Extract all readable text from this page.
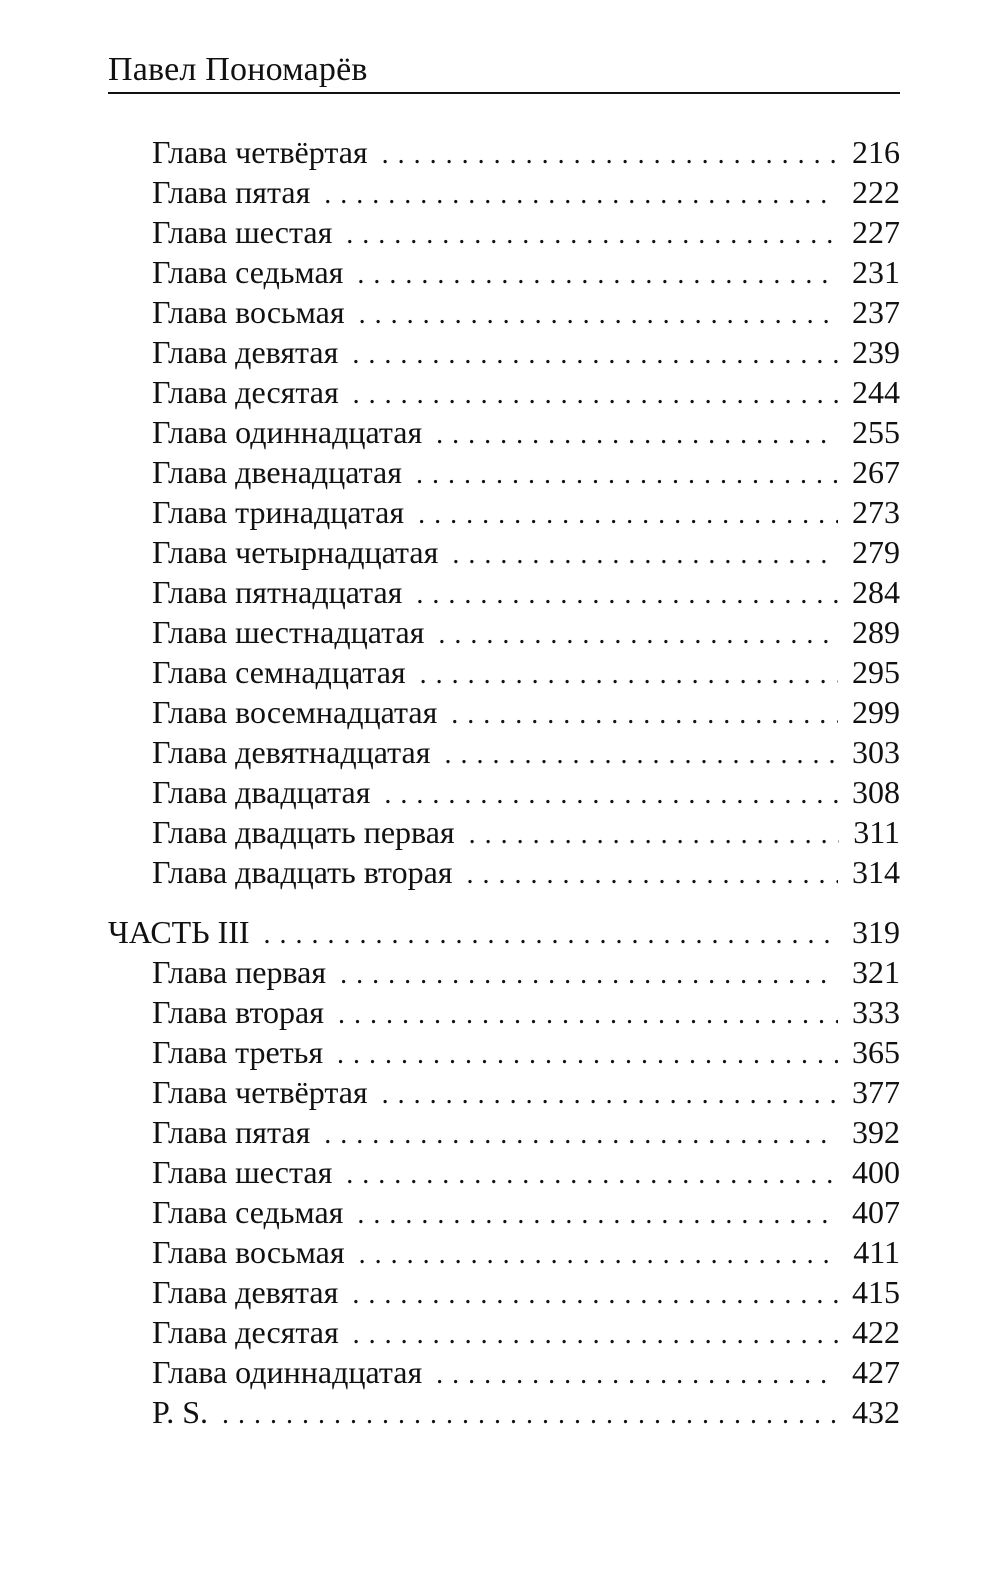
Павел Пономарёв
Глава четвёртая . . .	216
Глава пятая . . .	222
Глава шестая . . .	227
Глава седьмая . . .	231
Глава восьмая . . .	237
Глава девятая . . .	239
Глава десятая . . .	244
Глава одиннадцатая . . .	255
Глава двенадцатая . . .	267
Глава тринадцатая . . .	273
Глава четырнадцатая . . .	279
Глава пятнадцатая . . .	284
Глава шестнадцатая . . .	289
Глава семнадцатая . . .	295
Глава восемнадцатая . . .	299
Глава девятнадцатая . . .	303
Глава двадцатая . . .	308
Глава двадцать первая . . .	311
Глава двадцать вторая . . .	314
ЧАСТЬ III . . .	319
Глава первая . . .	321
Глава вторая . . .	333
Глава третья . . .	365
Глава четвёртая . . .	377
Глава пятая . . .	392
Глава шестая . . .	400
Глава седьмая . . .	407
Глава восьмая . . .	411
Глава девятая . . .	415
Глава десятая . . .	422
Глава одиннадцатая . . .	427
P. S. . . .	432
